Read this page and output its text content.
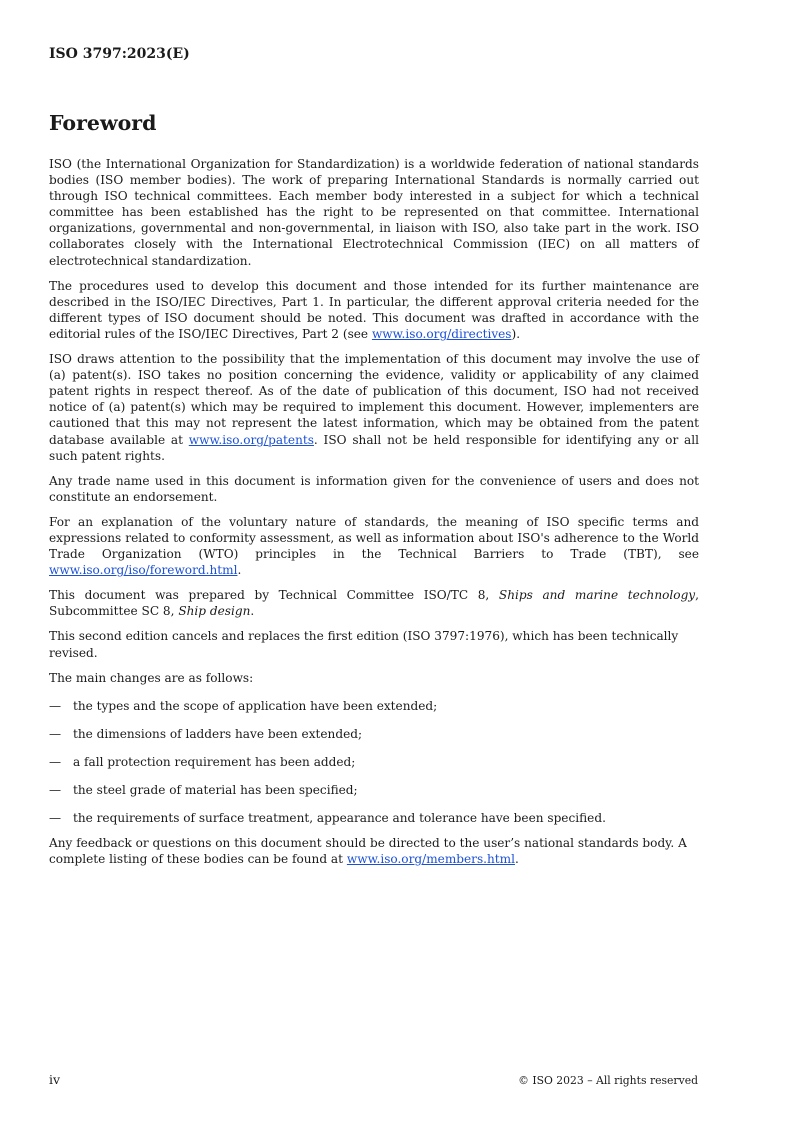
ISO 3797:2023(E)
Foreword

ISO (the International Organization for Standardization) is a worldwide federation of national standards bodies (ISO member bodies). The work of preparing International Standards is normally carried out through ISO technical committees. Each member body interested in a subject for which a technical committee has been established has the right to be represented on that committee. International organizations, governmental and non-governmental, in liaison with ISO, also take part in the work. ISO collaborates closely with the International Electrotechnical Commission (IEC) on all matters of electrotechnical standardization.

The procedures used to develop this document and those intended for its further maintenance are described in the ISO/IEC Directives, Part 1. In particular, the different approval criteria needed for the different types of ISO document should be noted. This document was drafted in accordance with the editorial rules of the ISO/IEC Directives, Part 2 (see www.iso.org/directives).

ISO draws attention to the possibility that the implementation of this document may involve the use of (a) patent(s). ISO takes no position concerning the evidence, validity or applicability of any claimed patent rights in respect thereof. As of the date of publication of this document, ISO had not received notice of (a) patent(s) which may be required to implement this document. However, implementers are cautioned that this may not represent the latest information, which may be obtained from the patent database available at www.iso.org/patents. ISO shall not be held responsible for identifying any or all such patent rights.

Any trade name used in this document is information given for the convenience of users and does not constitute an endorsement.

For an explanation of the voluntary nature of standards, the meaning of ISO specific terms and expressions related to conformity assessment, as well as information about ISO's adherence to the World Trade Organization (WTO) principles in the Technical Barriers to Trade (TBT), see www.iso.org/iso/foreword.html.

This document was prepared by Technical Committee ISO/TC 8, Ships and marine technology, Subcommittee SC 8, Ship design.

This second edition cancels and replaces the first edition (ISO 3797:1976), which has been technically revised.

The main changes are as follows:

— the types and the scope of application have been extended;
— the dimensions of ladders have been extended;
— a fall protection requirement has been added;
— the steel grade of material has been specified;
— the requirements of surface treatment, appearance and tolerance have been specified.

Any feedback or questions on this document should be directed to the user’s national standards body. A complete listing of these bodies can be found at www.iso.org/members.html.

iv	© ISO 2023 – All rights reserved
